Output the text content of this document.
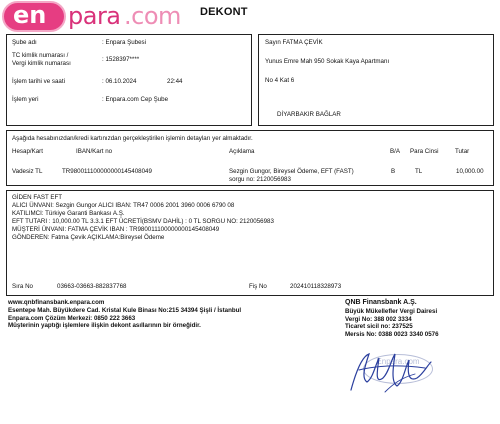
en para .com DEKONT
Şube adı	: Enpara Şubesi
TC kimlik numarası /
Vergi kimlik numarası
: 1528397****
İşlem tarihi ve saati	: 06.10.2024	22:44
İşlem yeri	: Enpara.com Cep Şube
Sayın FATMA ÇEVİK
Yunus Emre Mah 950 Sokak Kaya Apartmanı
No 4 Kat 6
DİYARBAKIR BAĞLAR
Aşağıda hesabınızdan/kredi kartınızdan gerçekleştirilen işlemin detayları yer almaktadır.
Hesap/Kart	IBAN/Kart no	Açıklama	B/A Para Cinsi	Tutar
Vadesiz TL	TR980011100000000145408049	Sezgin Gungor, Bireysel Ödeme, EFT (FAST)
sorgu no: 2120056983
B	TL	10,000.00
GİDEN FAST EFT
ALICI ÜNVANI: Sezgin Gungor ALICI IBAN: TR47 0006 2001 3960 0006 6790 08
KATILIMCI: Türkiye Garanti Bankası A.Ş.
EFT TUTARI : 10,000.00 TL 3.3.1 EFT ÜCRETİ(BSMV DAHİL) : 0 TL SORGU NO: 2120056983
MÜŞTERİ ÜNVANI: FATMA ÇEVİK IBAN : TR980011100000000145408049
GÖNDEREN: Fatma Çevik AÇIKLAMA:Bireysel Ödeme
Sıra No	03663-03663-882837768	Fiş No	202410118328973
www.qnbfinansbank.enpara.com
Esentepe Mah. Büyükdere Cad. Kristal Kule Binası No:215 34394 Şişli / İstanbul
Enpara.com Çözüm Merkezi: 0850 222 3663
Müşterinin yaptığı işlemlere ilişkin dekont asıllarının bir örneğidir.
QNB Finansbank A.Ş.
Büyük Mükellefler Vergi Dairesi
Vergi No: 388 002 3334
Ticaret sicil no: 237525
Mersis No: 0388 0023 3340 0576
Enpara.com
